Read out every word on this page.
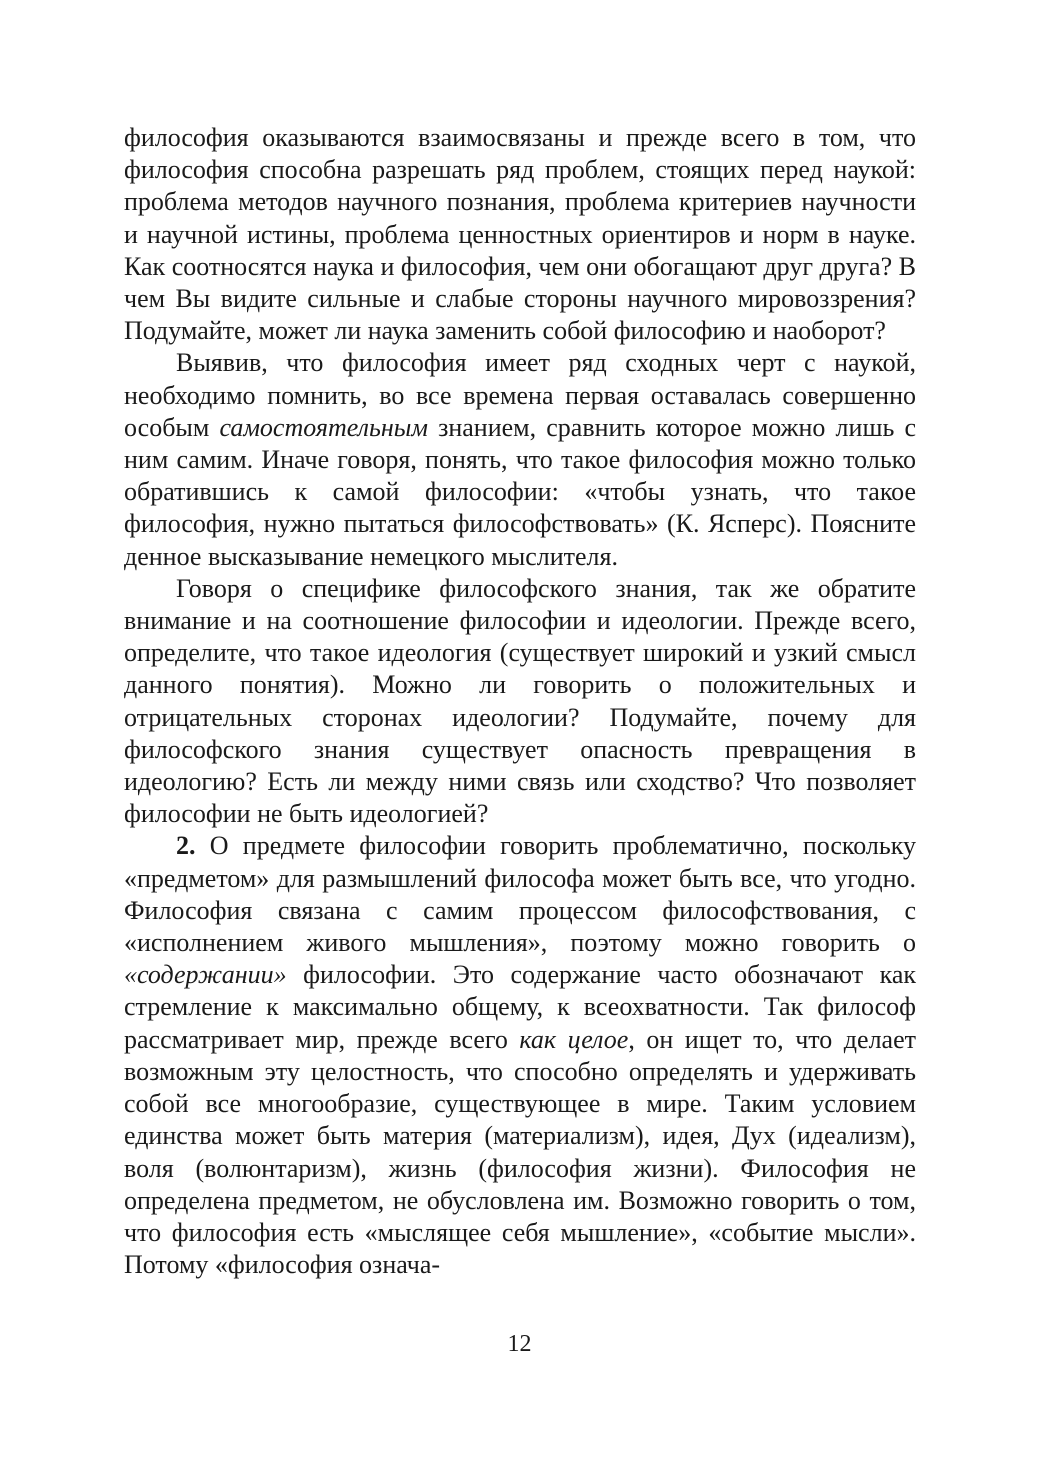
философия оказываются взаимосвязаны и прежде всего в том, что философия способна разрешать ряд проблем, стоящих перед наукой: проблема методов научного познания, проблема критериев научности и научной истины, проблема ценностных ориентиров и норм в науке. Как соотносятся наука и философия, чем они обогащают друг друга? В чем Вы видите сильные и слабые стороны научного мировоззрения? Подумайте, может ли наука заменить собой философию и наоборот?

Выявив, что философия имеет ряд сходных черт с наукой, необходимо помнить, во все времена первая оставалась совершенно особым самостоятельным знанием, сравнить которое можно лишь с ним самим. Иначе говоря, понять, что такое философия можно только обратившись к самой философии: «чтобы узнать, что такое философия, нужно пытаться философствовать» (К. Ясперс). Поясните денное высказывание немецкого мыслителя.

Говоря о специфике философского знания, так же обратите внимание и на соотношение философии и идеологии. Прежде всего, определите, что такое идеология (существует широкий и узкий смысл данного понятия). Можно ли говорить о положительных и отрицательных сторонах идеологии? Подумайте, почему для философского знания существует опасность превращения в идеологию? Есть ли между ними связь или сходство? Что позволяет философии не быть идеологией?

2. О предмете философии говорить проблематично, поскольку «предметом» для размышлений философа может быть все, что угодно. Философия связана с самим процессом философствования, с «исполнением живого мышления», поэтому можно говорить о «содержании» философии. Это содержание часто обозначают как стремление к максимально общему, к всеохватности. Так философ рассматривает мир, прежде всего как целое, он ищет то, что делает возможным эту целостность, что способно определять и удерживать собой все многообразие, существующее в мире. Таким условием единства может быть материя (материализм), идея, Дух (идеализм), воля (волюнтаризм), жизнь (философия жизни). Философия не определена предметом, не обусловлена им. Возможно говорить о том, что философия есть «мыслящее себя мышление», «событие мысли». Потому «философия означа-

12
